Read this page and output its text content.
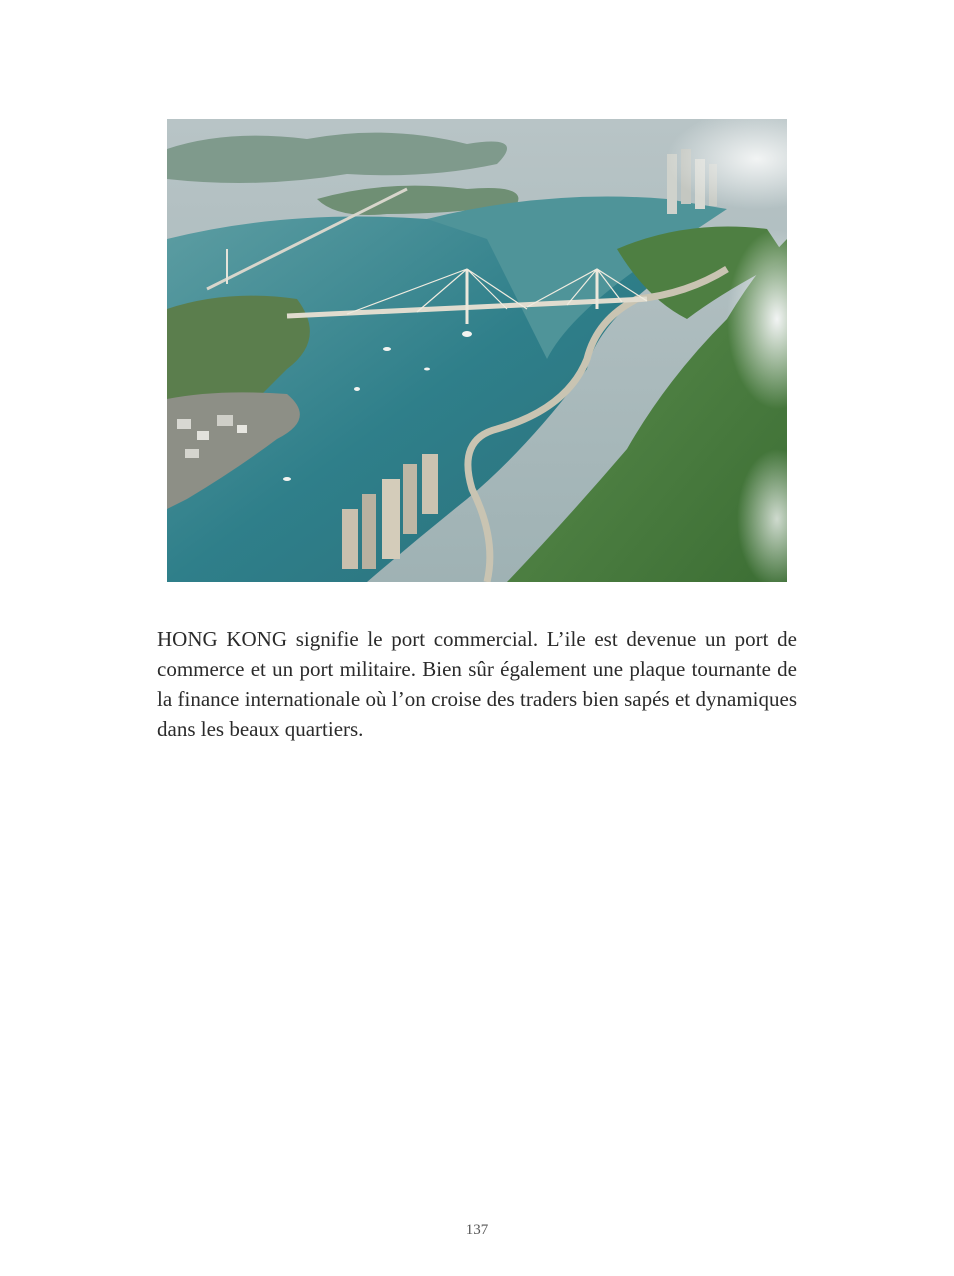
HONG KONG signifie le port commercial. L’ile est devenue un port de commerce et un port militaire. Bien sûr également une plaque tournante de la finance internationale où l’on croise des traders bien sapés et dynamiques dans les beaux quartiers.

137
